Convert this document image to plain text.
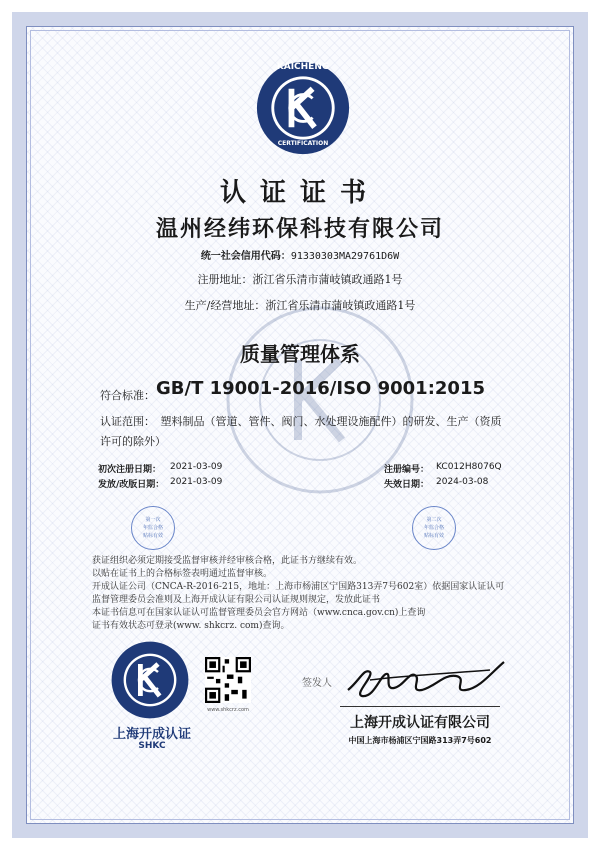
KAICHENG
CERTIFICATION
认证证书
温州经纬环保科技有限公司
统一社会信用代码：91330303MA29761D6W
注册地址：浙江省乐清市蒲岐镇政通路1号
生产/经营地址：浙江省乐清市蒲岐镇政通路1号
质量管理体系
符合标准： GB/T 19001-2016/ISO 9001:2015
认证范围：　塑料制品（管道、管件、阀门、水处理设施配件）的研发、生产（资质
许可的除外）
初次注册日期： 2021-03-09
发放/改版日期： 2021-03-09
注册编号： KC012H8076Q
失效日期： 2024-03-08
第一次
年监合格
贴标有效
第二次
年监合格
贴标有效
获证组织必须定期接受监督审核并经审核合格，此证书方继续有效。
以贴在证书上的合格标签表明通过监督审核。
开成认证公司（CNCA-R-2016-215，地址：上海市杨浦区宁国路313弄7号602室）依据国家认证认可
监督管理委员会准则及上海开成认证有限公司认证规则规定，发放此证书
本证书信息可在国家认证认可监督管理委员会官方网站（www.cnca.gov.cn)上查询
证书有效状态可登录(www. shkcrz. com)查询。
上海开成认证
SHKC
www.shkcrz.com
签发人
上海开成认证有限公司
中国上海市杨浦区宁国路313弄7号602
